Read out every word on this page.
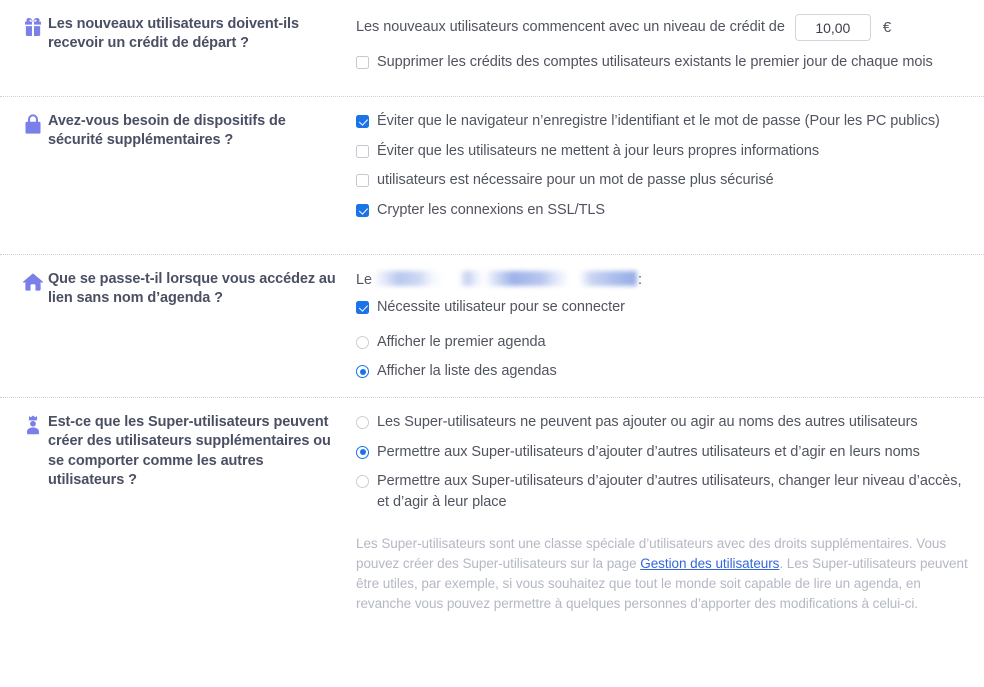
Les nouveaux utilisateurs doivent-ils recevoir un crédit de départ ?
Les nouveaux utilisateurs commencent avec un niveau de crédit de
10,00	€
Supprimer les crédits des comptes utilisateurs existants le premier jour de chaque mois
Avez-vous besoin de dispositifs de sécurité supplémentaires ?
Éviter que le navigateur n’enregistre l’identifiant et le mot de passe (Pour les PC publics)
Éviter que les utilisateurs ne mettent à jour leurs propres informations
utilisateurs est nécessaire pour un mot de passe plus sécurisé
Crypter les connexions en SSL/TLS
Que se passe-t-il lorsque vous accédez au lien sans nom d’agenda ?
Le	:
Nécessite utilisateur pour se connecter
Afficher le premier agenda
Afficher la liste des agendas
Est-ce que les Super-utilisateurs peuvent créer des utilisateurs supplémentaires ou se comporter comme les autres utilisateurs ?
Les Super-utilisateurs ne peuvent pas ajouter ou agir au noms des autres utilisateurs
Permettre aux Super-utilisateurs d’ajouter d’autres utilisateurs et d’agir en leurs noms
Permettre aux Super-utilisateurs d’ajouter d’autres utilisateurs, changer leur niveau d’accès, et d’agir à leur place
Les Super-utilisateurs sont une classe spéciale d’utilisateurs avec des droits supplémentaires. Vous pouvez créer des Super-utilisateurs sur la page Gestion des utilisateurs. Les Super-utilisateurs peuvent être utiles, par exemple, si vous souhaitez que tout le monde soit capable de lire un agenda, en revanche vous pouvez permettre à quelques personnes d’apporter des modifications à celui-ci.
